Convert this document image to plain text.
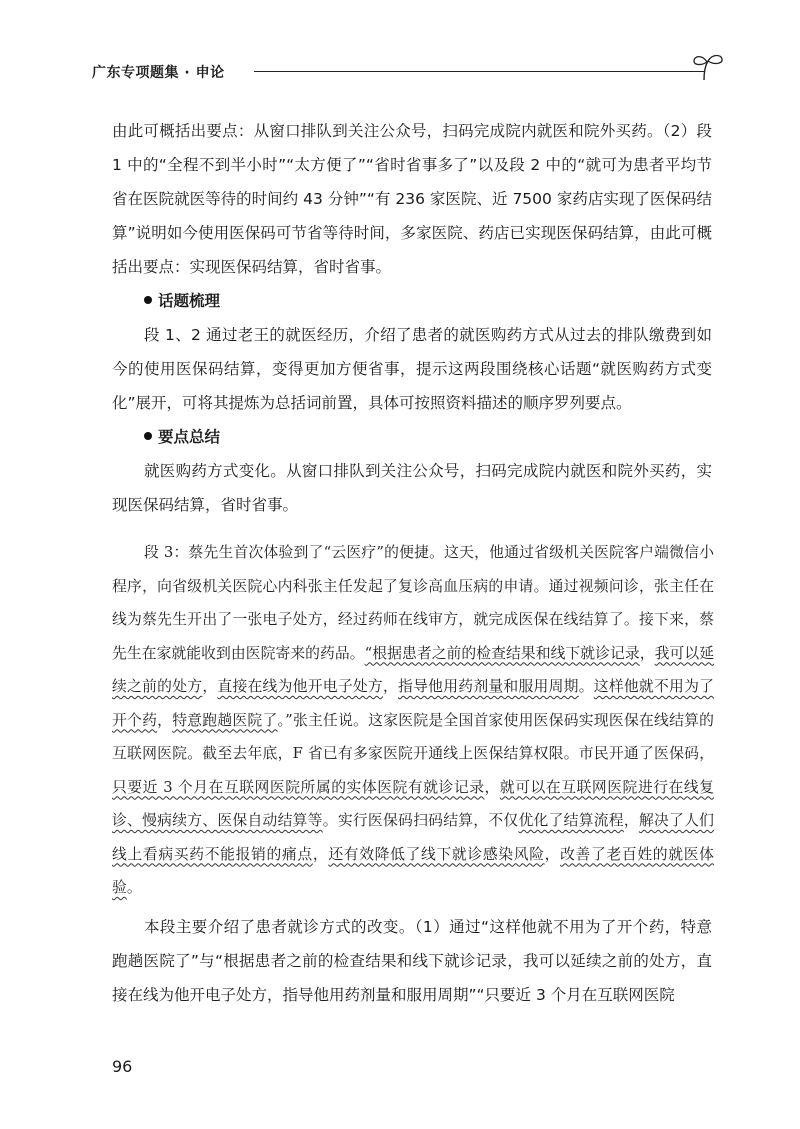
广东专项题集 · 申论

由此可概括出要点：从窗口排队到关注公众号，扫码完成院内就医和院外买药。（2）段 1 中的“全程不到半小时”“太方便了”“省时省事多了”以及段 2 中的“就可为患者平均节省在医院就医等待的时间约 43 分钟”“有 236 家医院、近 7500 家药店实现了医保码结算”说明如今使用医保码可节省等待时间，多家医院、药店已实现医保码结算，由此可概括出要点：实现医保码结算，省时省事。

话题梳理

段 1、2 通过老王的就医经历，介绍了患者的就医购药方式从过去的排队缴费到如今的使用医保码结算，变得更加方便省事，提示这两段围绕核心话题“就医购药方式变化”展开，可将其提炼为总括词前置，具体可按照资料描述的顺序罗列要点。

要点总结

就医购药方式变化。从窗口排队到关注公众号，扫码完成院内就医和院外买药，实现医保码结算，省时省事。

段 3：蔡先生首次体验到了“云医疗”的便捷。这天，他通过省级机关医院客户端微信小程序，向省级机关医院心内科张主任发起了复诊高血压病的申请。通过视频问诊，张主任在线为蔡先生开出了一张电子处方，经过药师在线审方，就完成医保在线结算了。接下来，蔡先生在家就能收到由医院寄来的药品。“根据患者之前的检查结果和线下就诊记录，我可以延续之前的处方，直接在线为他开电子处方，指导他用药剂量和服用周期。这样他就不用为了开个药，特意跑趟医院了。”张主任说。这家医院是全国首家使用医保码实现医保在线结算的互联网医院。截至去年底，F 省已有多家医院开通线上医保结算权限。市民开通了医保码，只要近 3 个月在互联网医院所属的实体医院有就诊记录，就可以在互联网医院进行在线复诊、慢病续方、医保自动结算等。实行医保码扫码结算，不仅优化了结算流程，解决了人们线上看病买药不能报销的痛点，还有效降低了线下就诊感染风险，改善了老百姓的就医体验。

本段主要介绍了患者就诊方式的改变。（1）通过“这样他就不用为了开个药，特意跑趟医院了”与“根据患者之前的检查结果和线下就诊记录，我可以延续之前的处方，直接在线为他开电子处方，指导他用药剂量和服用周期”“只要近 3 个月在互联网医院

96
